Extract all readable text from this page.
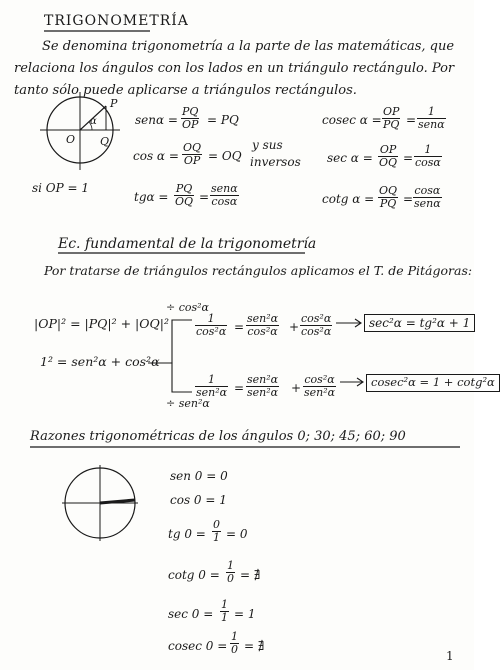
TRIGONOMETRÍA
Se denomina trigonometría a la parte de las matemáticas, que
relaciona los ángulos con los lados en un triángulo rectángulo. Por
tanto sólo puede aplicarse a triángulos rectángulos.
P
α
O Q
si OP = 1
$sen\alpha = \frac{PQ}{OP}$ = PQ
$\cos \alpha = \frac{OQ}{OP}$ = OQ
$tg\alpha = \frac{PQ}{OQ}$ =
senα
cosα
y sus
inversos
cosec $\alpha = \frac{OP}{PQ}$ =
1
senα
$\sec \alpha = \frac{OP}{OQ} = \frac{1}{\cos\alpha}$
cotg $\alpha = \frac{OQ}{PQ}$ =
cosα
senα
Ec. fundamental de la trigonometría
Por tratarse de triángulos rectángulos aplicamos el T. de Pitágoras:
|OP|² = |PQ|² + |OQ|²
1² = sen²α + cos²α
÷ cos²α
÷ sen²α
$\frac{1}{\text{cos²α}}$ =
sen²α
$\cos^2\alpha + \frac{\text{cos²α}}{\text{cos²α}}$	sec²α = tg²α + 1
1
sen²α =
sen²α
sen²α +
cos²α
sen²α
cosec²α = 1 + cotg²α
Razones trigonométricas de los ángulos 0; 30; 45; 60; 90
sen 0 = 0
cos 0 = 1
tg $0 = \frac{0}{1} = 0$
cotg $0 = \frac{1}{0}$ = ∄
$\sec 0 = \frac{1}{1} = 1$
cosec $0 = \frac{1}{0}$ = ∄
1
